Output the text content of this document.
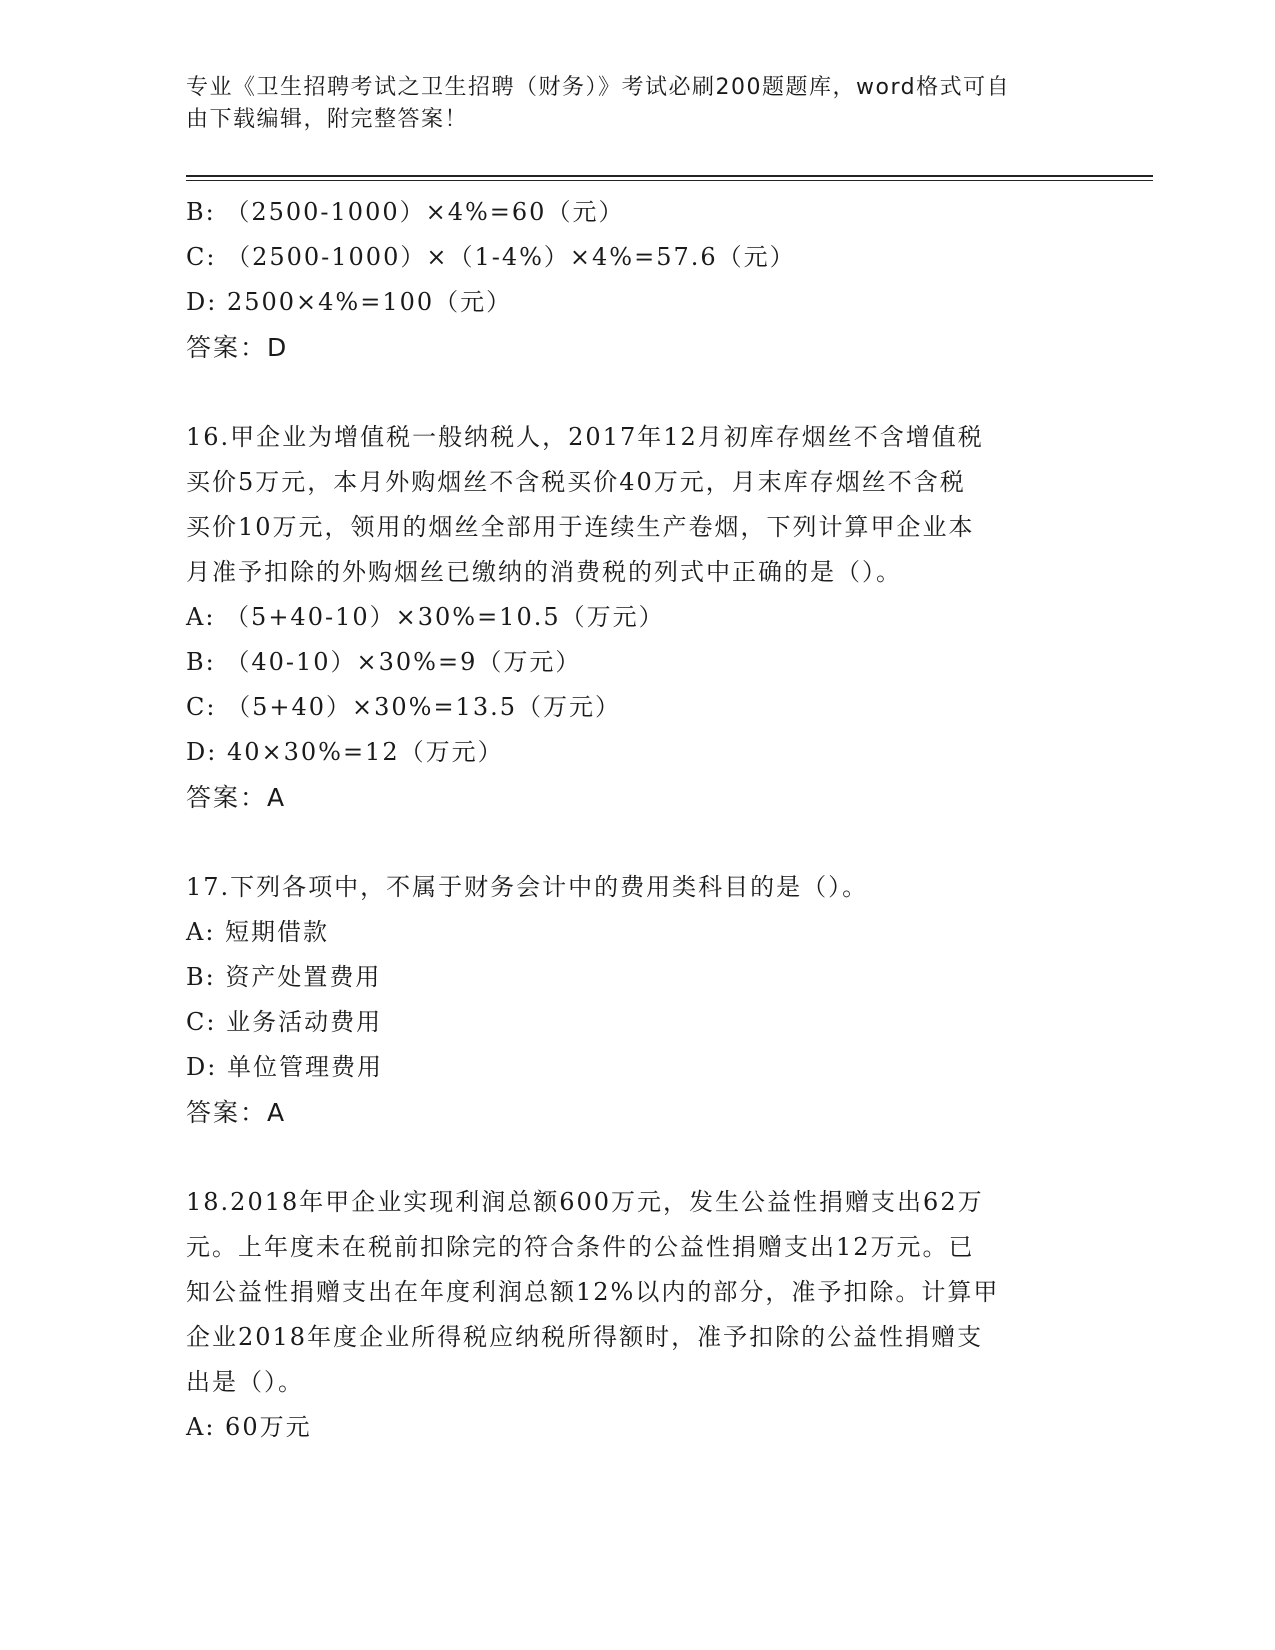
专业《卫生招聘考试之卫生招聘（财务）》考试必刷200题题库，word格式可自
由下载编辑，附完整答案！
B: （2500-1000）×4%=60（元）
C: （2500-1000）×（1-4%）×4%=57.6（元）
D: 2500×4%=100（元）
答案：D
16.甲企业为增值税一般纳税人，2017年12月初库存烟丝不含增值税
买价5万元，本月外购烟丝不含税买价40万元，月末库存烟丝不含税
买价10万元，领用的烟丝全部用于连续生产卷烟，下列计算甲企业本
月准予扣除的外购烟丝已缴纳的消费税的列式中正确的是（）。
A: （5+40-10）×30%=10.5（万元）
B: （40-10）×30%=9（万元）
C: （5+40）×30%=13.5（万元）
D: 40×30%=12（万元）
答案：A
17.下列各项中，不属于财务会计中的费用类科目的是（）。
A: 短期借款
B: 资产处置费用
C: 业务活动费用
D: 单位管理费用
答案：A
18.2018年甲企业实现利润总额600万元，发生公益性捐赠支出62万
元。上年度未在税前扣除完的符合条件的公益性捐赠支出12万元。已
知公益性捐赠支出在年度利润总额12%以内的部分，准予扣除。计算甲
企业2018年度企业所得税应纳税所得额时，准予扣除的公益性捐赠支
出是（）。
A: 60万元
